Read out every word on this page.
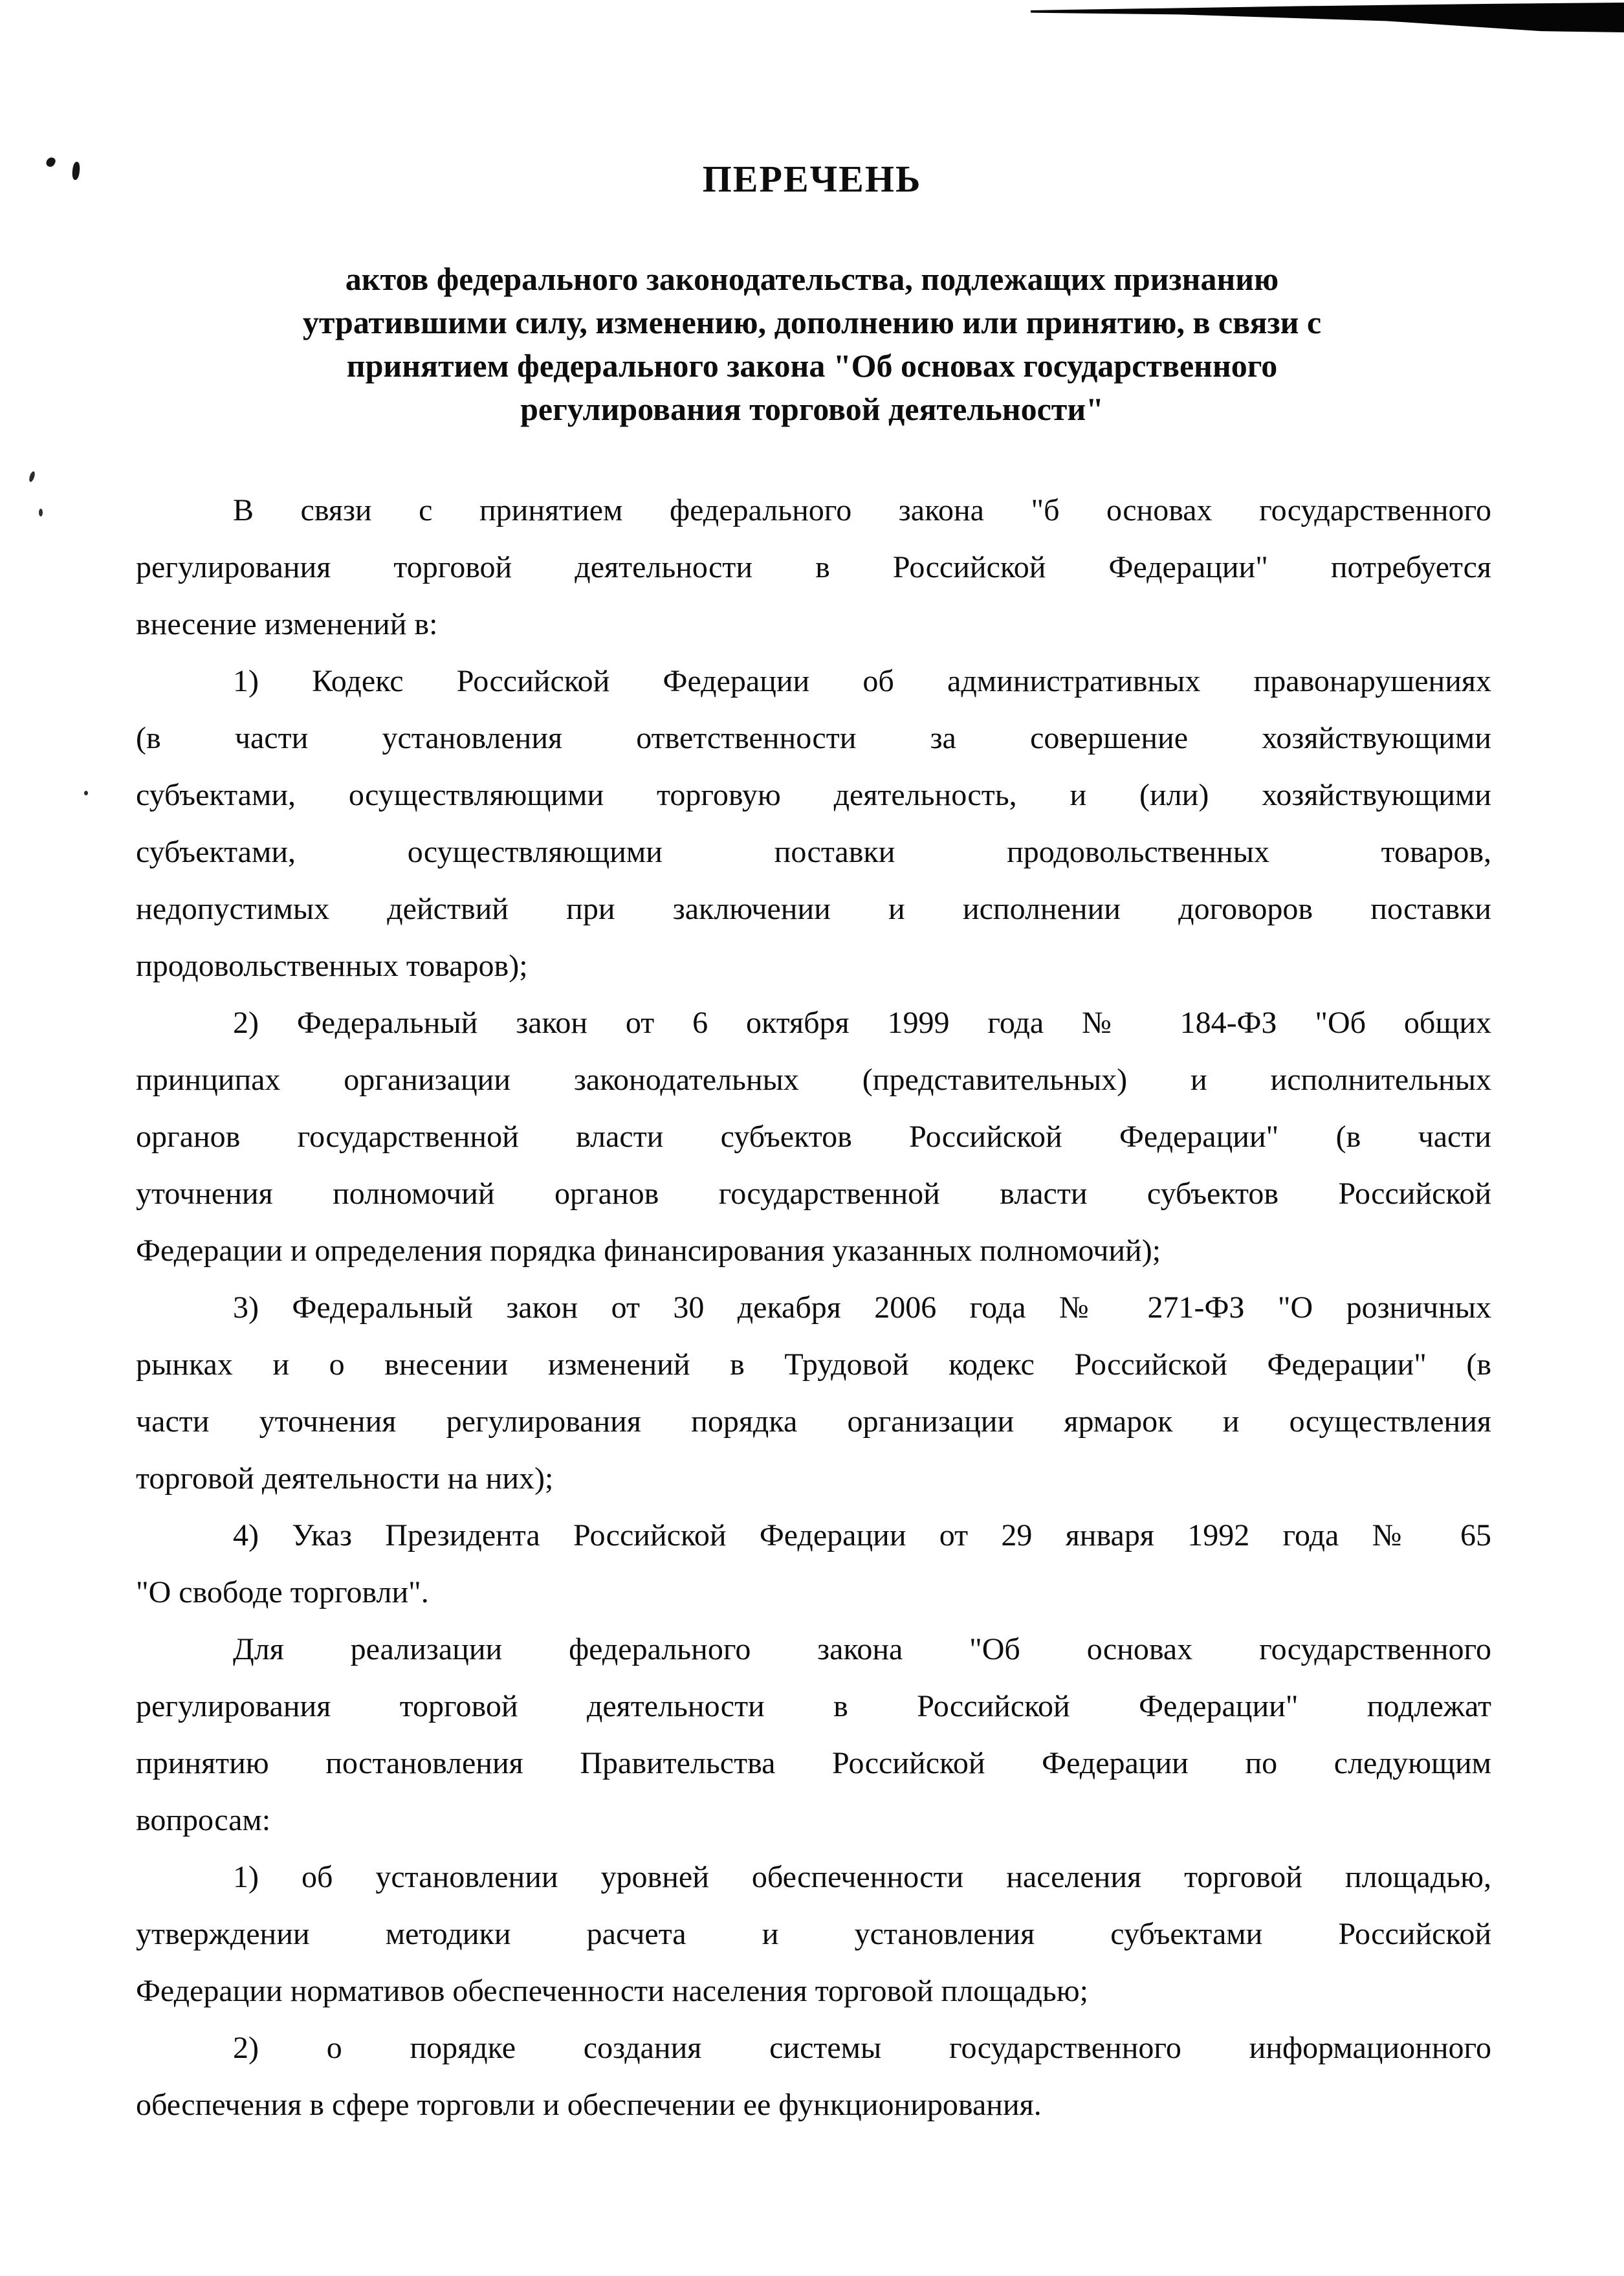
ПЕРЕЧЕНЬ
актов федерального законодательства, подлежащих признанию
утратившими силу, изменению, дополнению или принятию, в связи с
принятием федерального закона "Об основах государственного
регулирования торговой деятельности"
В связи с принятием федерального закона "б основах государственного
регулирования торговой деятельности в Российской Федерации" потребуется
внесение изменений в:
1) Кодекс Российской Федерации об административных правонарушениях
(в части установления ответственности за совершение хозяйствующими
субъектами, осуществляющими торговую деятельность, и (или) хозяйствующими
субъектами, осуществляющими поставки продовольственных товаров,
недопустимых действий при заключении и исполнении договоров поставки
продовольственных товаров);
2) Федеральный закон от 6 октября 1999 года № 184-ФЗ "Об общих
принципах организации законодательных (представительных) и исполнительных
органов государственной власти субъектов Российской Федерации" (в части
уточнения полномочий органов государственной власти субъектов Российской
Федерации и определения порядка финансирования указанных полномочий);
3) Федеральный закон от 30 декабря 2006 года № 271-ФЗ "О розничных
рынках и о внесении изменений в Трудовой кодекс Российской Федерации" (в
части уточнения регулирования порядка организации ярмарок и осуществления
торговой деятельности на них);
4) Указ Президента Российской Федерации от 29 января 1992 года № 65
"О свободе торговли".
Для реализации федерального закона "Об основах государственного
регулирования торговой деятельности в Российской Федерации" подлежат
принятию постановления Правительства Российской Федерации по следующим
вопросам:
1) об установлении уровней обеспеченности населения торговой площадью,
утверждении методики расчета и установления субъектами Российской
Федерации нормативов обеспеченности населения торговой площадью;
2) о порядке создания системы государственного информационного
обеспечения в сфере торговли и обеспечении ее функционирования.
